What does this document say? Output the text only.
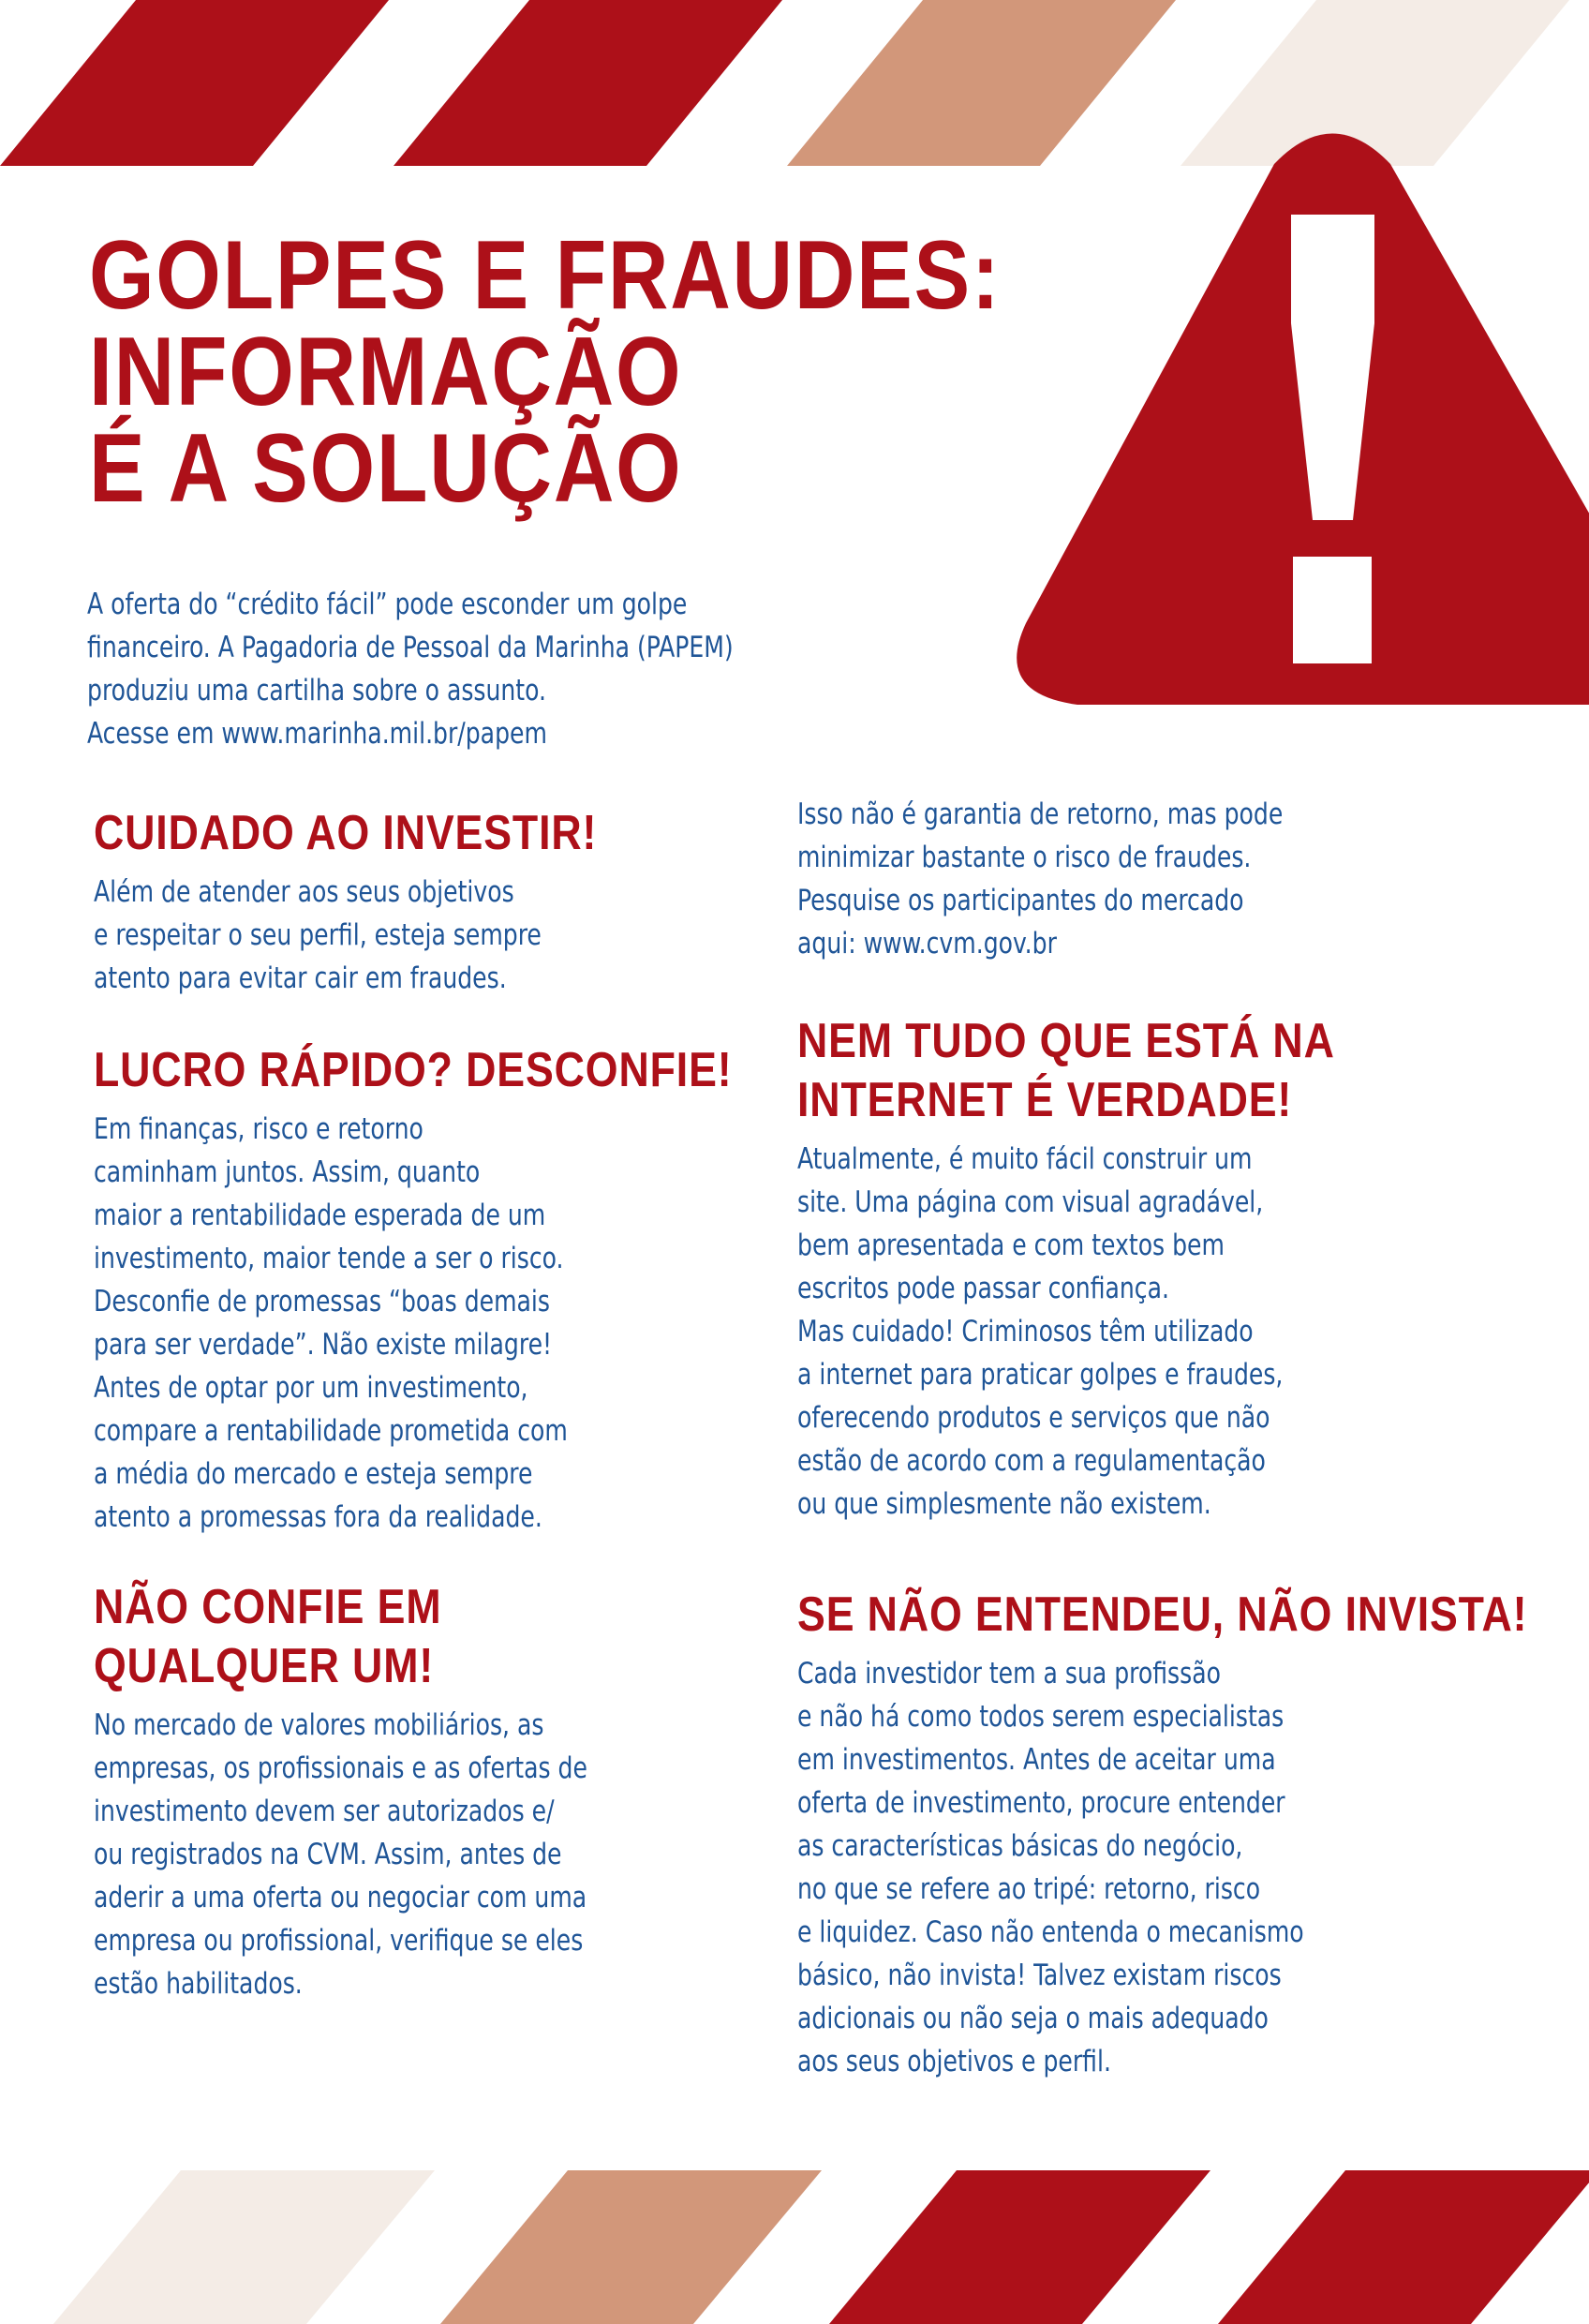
GOLPES E FRAUDES:
INFORMAÇÃO
É A SOLUÇÃO

A oferta do “crédito fácil” pode esconder um golpe
financeiro. A Pagadoria de Pessoal da Marinha (PAPEM)
produziu uma cartilha sobre o assunto.
Acesse em www.marinha.mil.br/papem

CUIDADO AO INVESTIR!

Além de atender aos seus objetivos
e respeitar o seu perfil, esteja sempre
atento para evitar cair em fraudes.

LUCRO RÁPIDO? DESCONFIE!

Em finanças, risco e retorno
caminham juntos. Assim, quanto
maior a rentabilidade esperada de um
investimento, maior tende a ser o risco.
Desconfie de promessas “boas demais
para ser verdade”. Não existe milagre!
Antes de optar por um investimento,
compare a rentabilidade prometida com
a média do mercado e esteja sempre
atento a promessas fora da realidade.

NÃO CONFIE EM
QUALQUER UM!

No mercado de valores mobiliários, as
empresas, os profissionais e as ofertas de
investimento devem ser autorizados e/
ou registrados na CVM. Assim, antes de
aderir a uma oferta ou negociar com uma
empresa ou profissional, verifique se eles
estão habilitados.

Isso não é garantia de retorno, mas pode
minimizar bastante o risco de fraudes.
Pesquise os participantes do mercado
aqui: www.cvm.gov.br

NEM TUDO QUE ESTÁ NA
INTERNET É VERDADE!

Atualmente, é muito fácil construir um
site. Uma página com visual agradável,
bem apresentada e com textos bem
escritos pode passar confiança.
Mas cuidado! Criminosos têm utilizado
a internet para praticar golpes e fraudes,
oferecendo produtos e serviços que não
estão de acordo com a regulamentação
ou que simplesmente não existem.

SE NÃO ENTENDEU, NÃO INVISTA!

Cada investidor tem a sua profissão
e não há como todos serem especialistas
em investimentos. Antes de aceitar uma
oferta de investimento, procure entender
as características básicas do negócio,
no que se refere ao tripé: retorno, risco
e liquidez. Caso não entenda o mecanismo
básico, não invista! Talvez existam riscos
adicionais ou não seja o mais adequado
aos seus objetivos e perfil.
